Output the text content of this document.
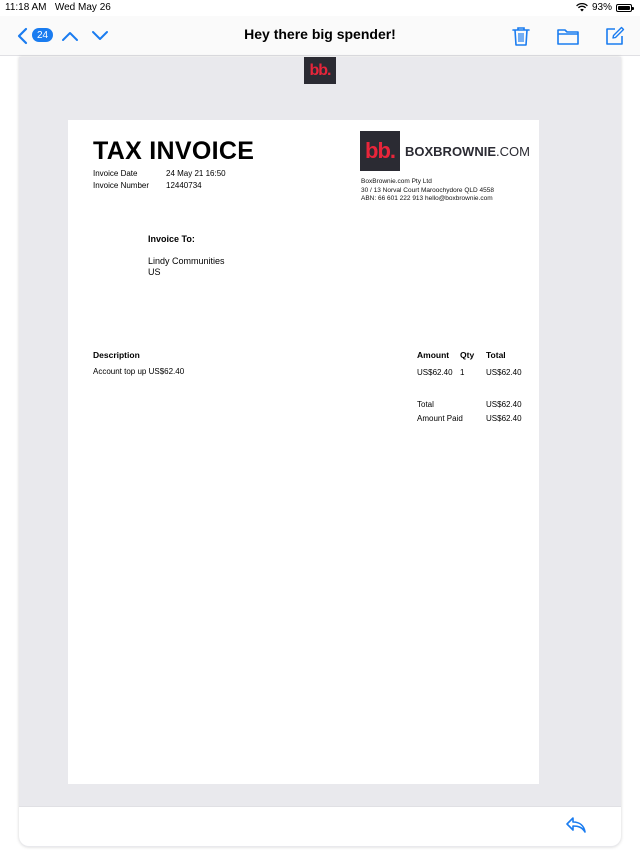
11:18 AM Wed May 26	93%
24	Hey there big spender!
bb.
TAX INVOICE
Invoice Date	24 May 21 16:50
Invoice Number	12440734
bb. BOXBROWNIE.COM
BoxBrownie.com Pty Ltd
30 / 13 Norval Court Maroochydore QLD 4558
ABN: 66 601 222 913 hello@boxbrownie.com
Invoice To:
Lindy Communities
US
Description	Amount Qty Total
Account top up US$62.40	US$62.40 1	US$62.40
Total	US$62.40
Amount Paid	US$62.40
